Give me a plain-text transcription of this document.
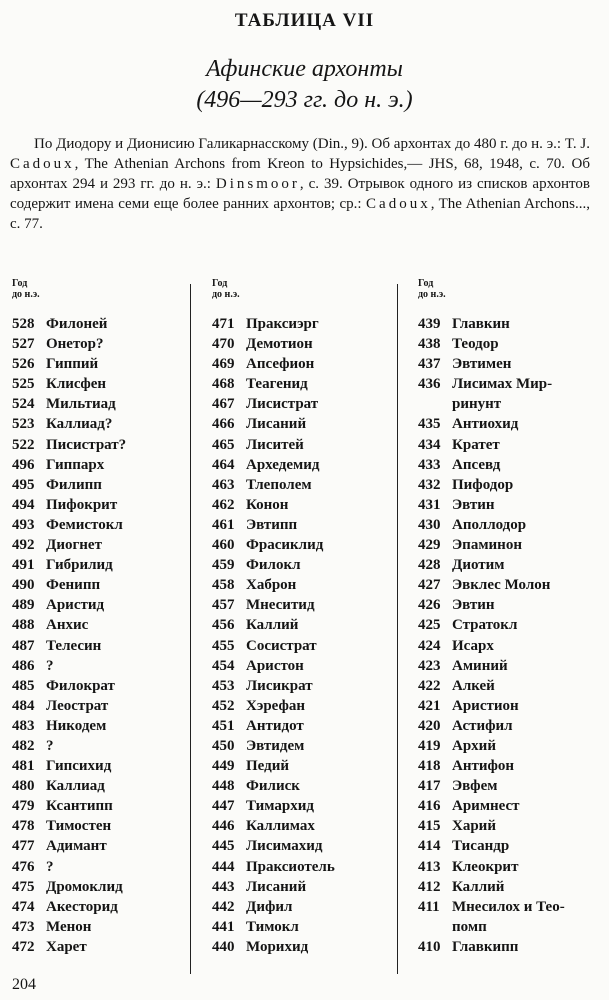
ТАБЛИЦА VII
Афинские архонты
(496—293 гг. до н. э.)
По Диодору и Дионисию Галикарнасскому (Din., 9). Об архонтах до 480 г. до н. э.: T. J. Cadoux, The Athenian Archons from Kreon to Hypsichides,— JHS, 68, 1948, с. 70. Об архонтах 294 и 293 гг. до н. э.: Dinsmoor, с. 39. Отрывок одного из списков архонтов содержит имена семи еще более ранних архонтов; ср.: Cadoux, The Athenian Archons..., с. 77.
Год
до н.э.
528 Филоней
527 Онетор?
526 Гиппий
525 Клисфен
524 Мильтиад
523 Каллиад?
522 Писистрат?
496 Гиппарх
495 Филипп
494 Пифокрит
493 Фемистокл
492 Диогнет
491 Гибрилид
490 Фенипп
489 Аристид
488 Анхис
487 Телесин
486 ?
485 Филократ
484 Леострат
483 Никодем
482 ?
481 Гипсихид
480 Каллиад
479 Ксантипп
478 Тимостен
477 Адимант
476 ?
475 Дромоклид
474 Акесторид
473 Менон
472 Харет
Год
до н.э.
471 Праксиэрг
470 Демотион
469 Апсефион
468 Теагенид
467 Лисистрат
466 Лисаний
465 Лиситей
464 Архедемид
463 Тлеполем
462 Конон
461 Эвтипп
460 Фрасиклид
459 Филокл
458 Хаброн
457 Мнеситид
456 Каллий
455 Сосистрат
454 Аристон
453 Лисикрат
452 Хэрефан
451 Антидот
450 Эвтидем
449 Педий
448 Филиск
447 Тимархид
446 Каллимах
445 Лисимахид
444 Праксиотель
443 Лисаний
442 Дифил
441 Тимокл
440 Морихид
Год
до н.э.
439 Главкин
438 Теодор
437 Эвтимен
436 Лисимах Мир-
ринунт
435 Антиохид
434 Кратет
433 Апсевд
432 Пифодор
431 Эвтин
430 Аполлодор
429 Эпаминон
428 Диотим
427 Эвклес Молон
426 Эвтин
425 Стратокл
424 Исарх
423 Аминий
422 Алкей
421 Аристион
420 Астифил
419 Архий
418 Антифон
417 Эвфем
416 Аримнест
415 Харий
414 Тисандр
413 Клеокрит
412 Каллий
411 Мнесилох и Тео-
помп
410 Главкипп
204
